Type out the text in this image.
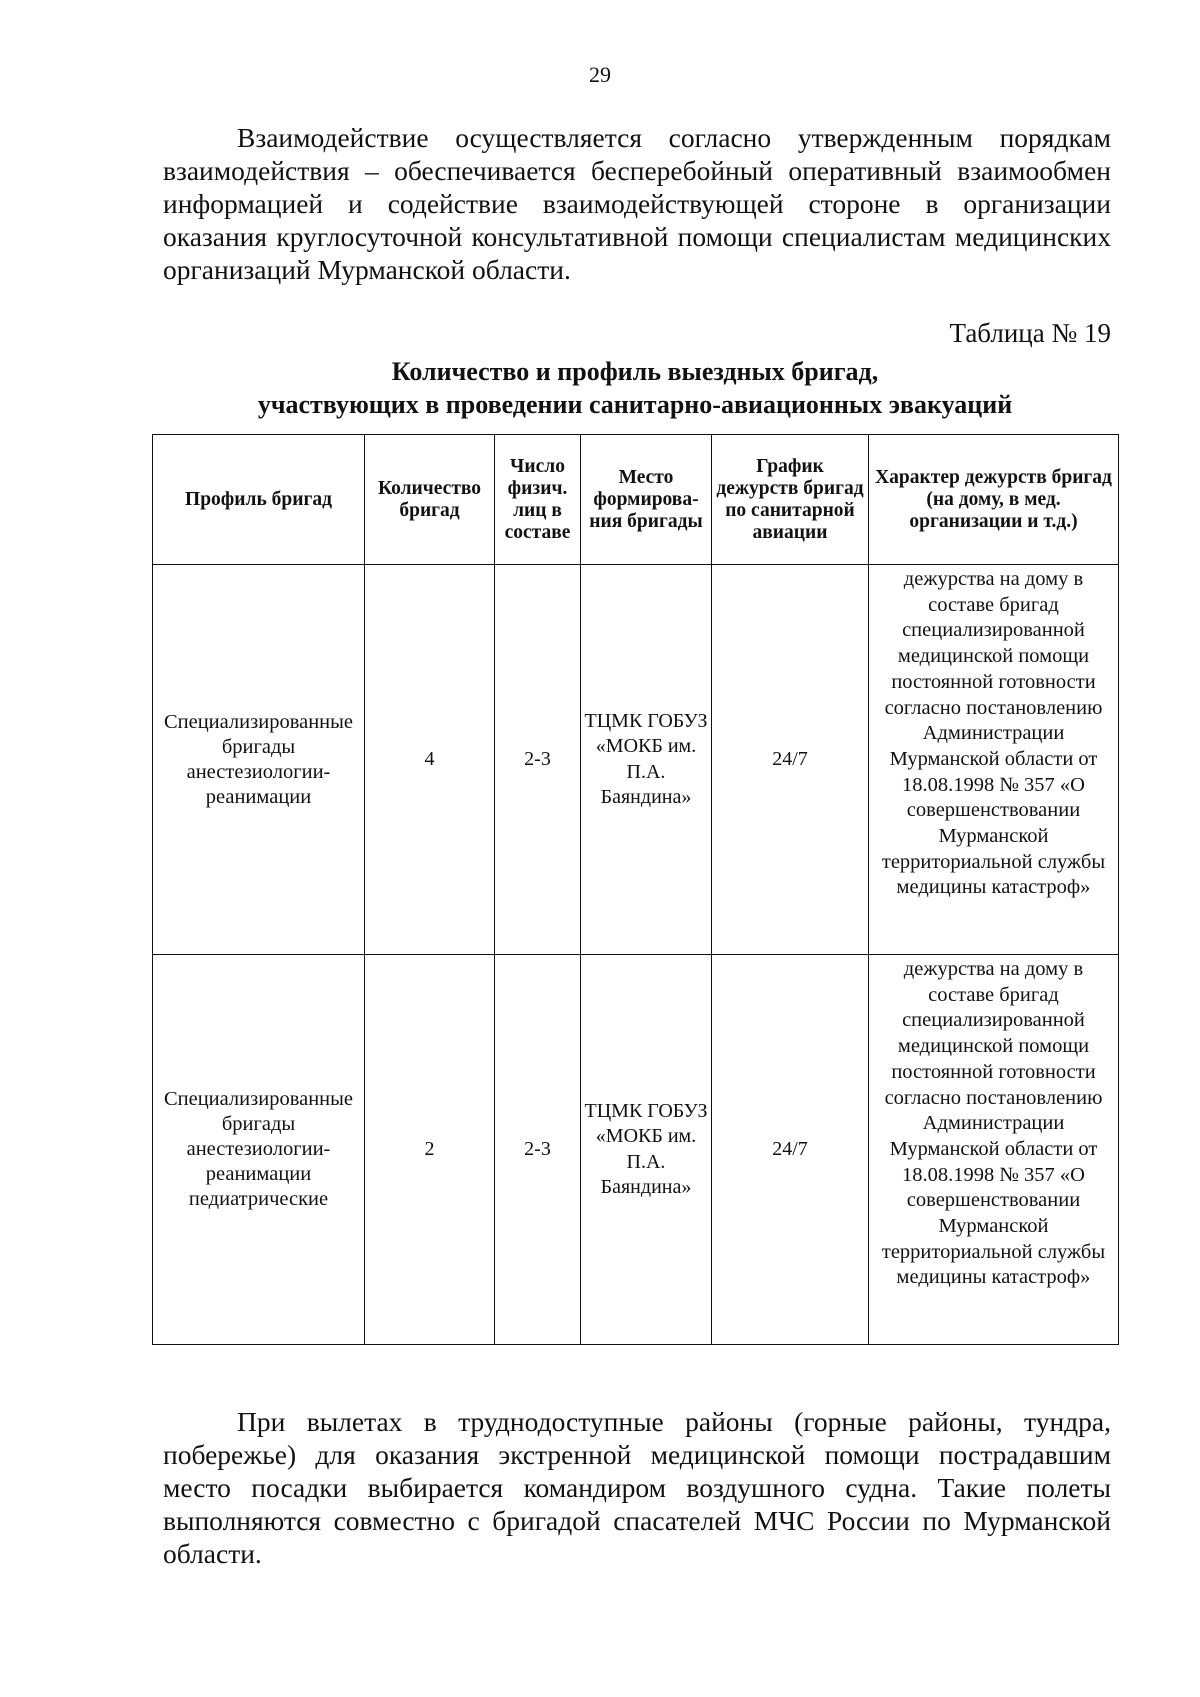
29

Взаимодействие осуществляется согласно утвержденным порядкам взаимодействия – обеспечивается бесперебойный оперативный взаимообмен информацией и содействие взаимодействующей стороне в организации оказания круглосуточной консультативной помощи специалистам медицинских организаций Мурманской области.

Таблица № 19
Количество и профиль выездных бригад,
участвующих в проведении санитарно-авиационных эвакуаций
Профиль бригад	Количество бригад	Число физич. лиц в составе	Место формирова-ния бригады	График дежурств бригад по санитарной авиации	Характер дежурств бригад (на дому, в мед. организации и т.д.)
Специализированные бригады анестезиологии-реанимации	4	2-3	ТЦМК ГОБУЗ «МОКБ им. П.А. Баяндина»	24/7	дежурства на дому в составе бригад специализированной медицинской помощи постоянной готовности согласно постановлению Администрации Мурманской области от 18.08.1998 № 357 «О совершенствовании Мурманской территориальной службы медицины катастроф»
Специализированные бригады анестезиологии-реанимации педиатрические	2	2-3	ТЦМК ГОБУЗ «МОКБ им. П.А. Баяндина»	24/7	дежурства на дому в составе бригад специализированной медицинской помощи постоянной готовности согласно постановлению Администрации Мурманской области от 18.08.1998 № 357 «О совершенствовании Мурманской территориальной службы медицины катастроф»

При вылетах в труднодоступные районы (горные районы, тундра, побережье) для оказания экстренной медицинской помощи пострадавшим место посадки выбирается командиром воздушного судна. Такие полеты выполняются совместно с бригадой спасателей МЧС России по Мурманской области.
